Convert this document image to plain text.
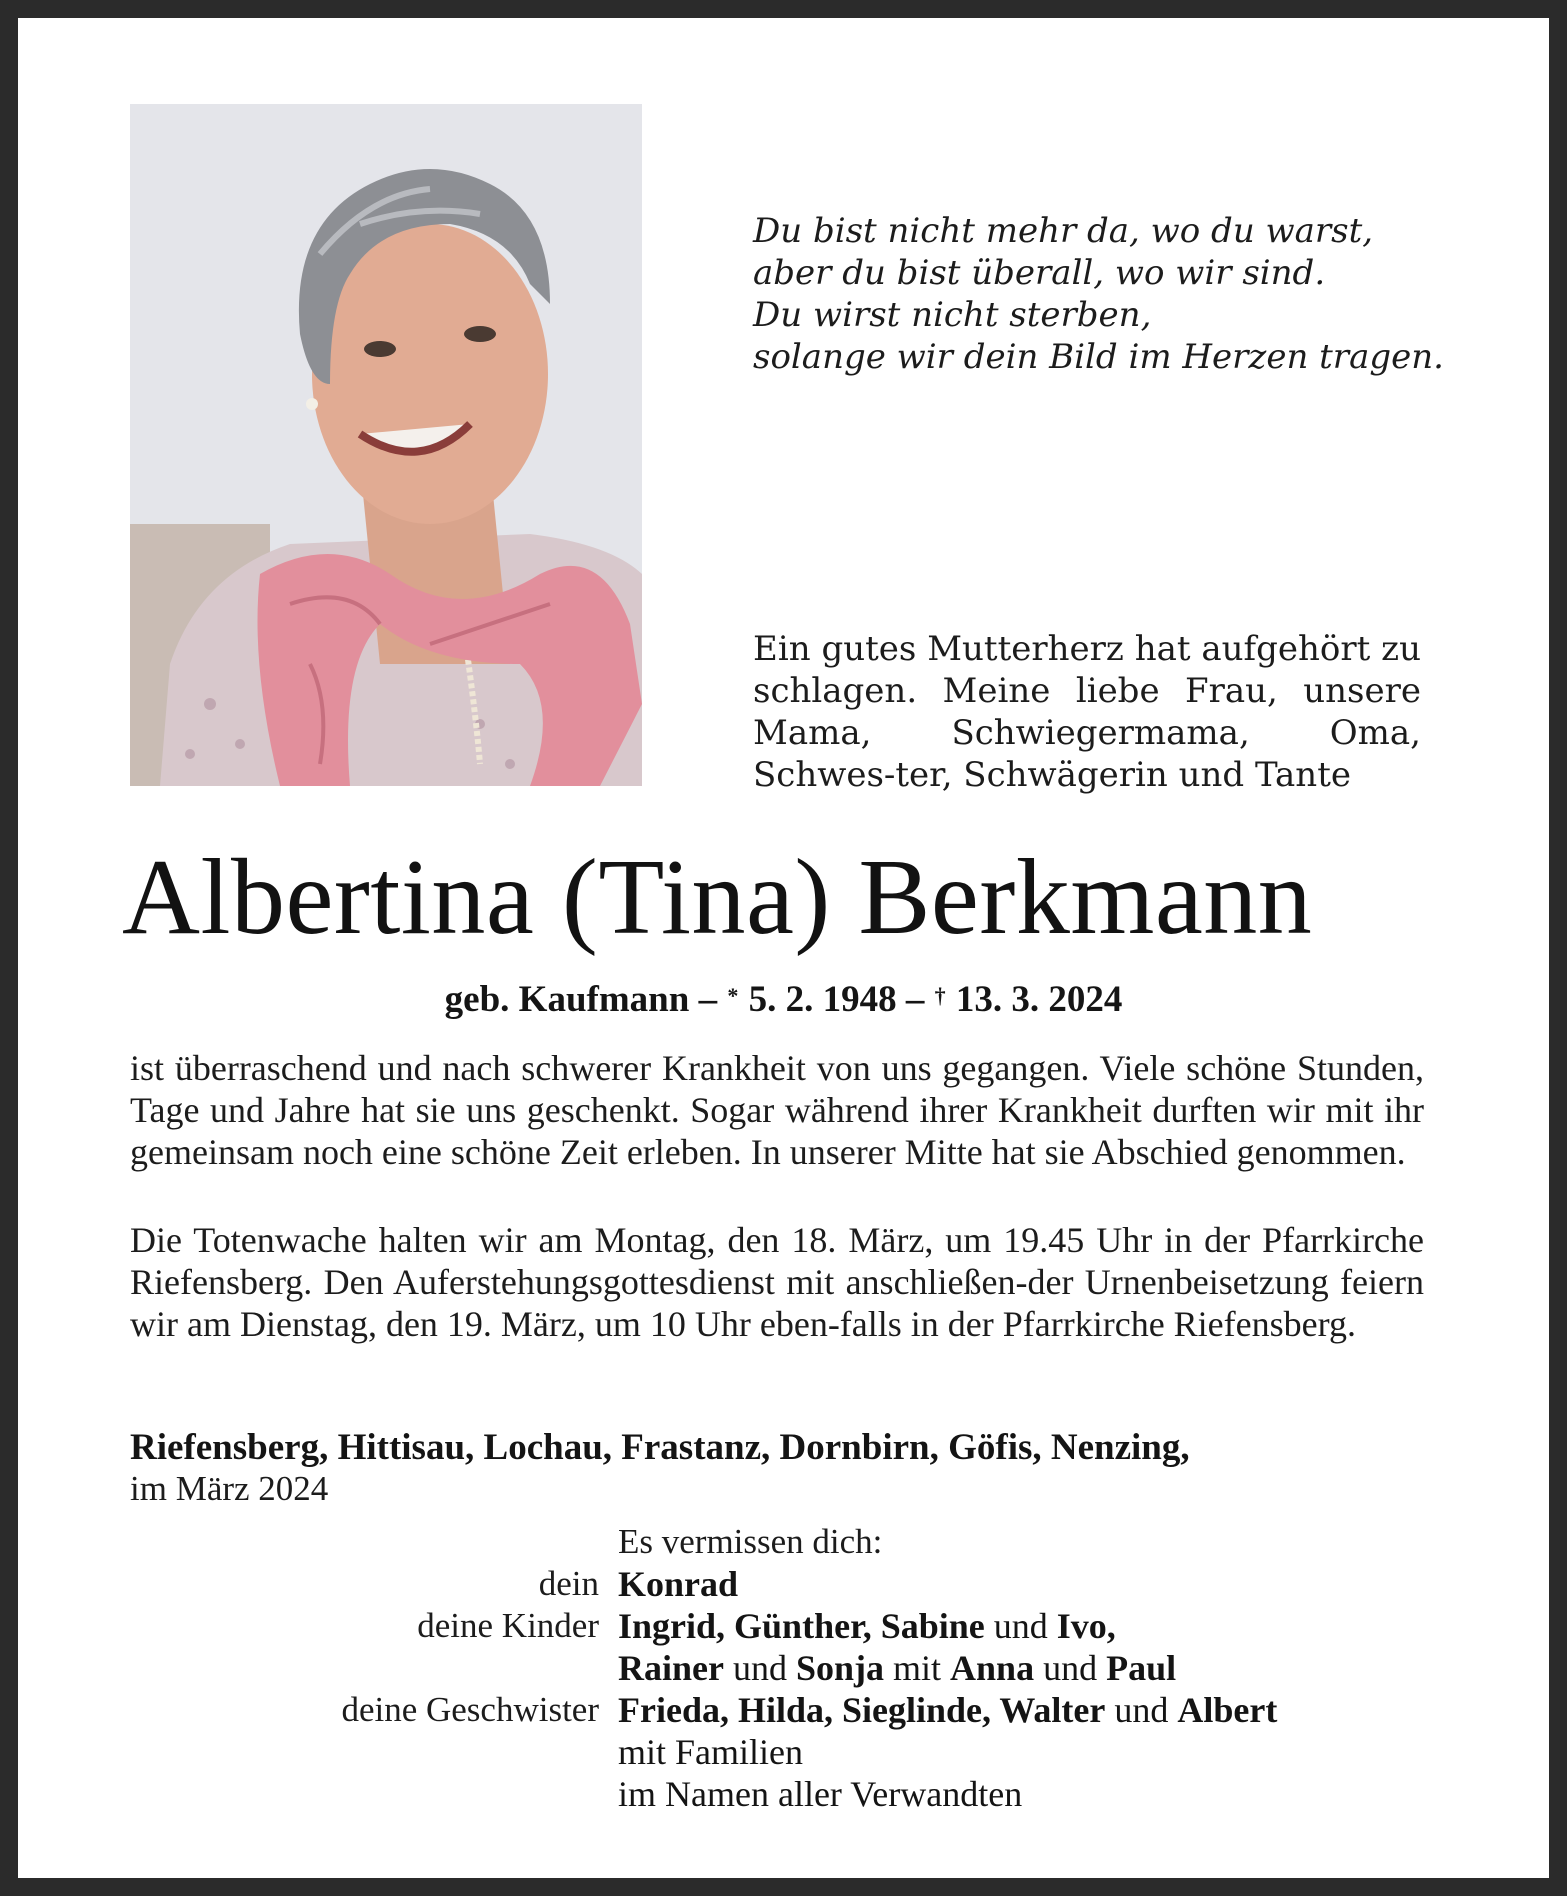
Du bist nicht mehr da, wo du warst,
aber du bist überall, wo wir sind.
Du wirst nicht sterben,
solange wir dein Bild im Herzen tragen.
Ein gutes Mutterherz hat aufgehört zu schlagen. Meine liebe Frau, unsere Mama, Schwiegermama, Oma, Schwes-ter, Schwägerin und Tante
Albertina (Tina) Berkmann
geb. Kaufmann – * 5. 2. 1948 – † 13. 3. 2024
ist überraschend und nach schwerer Krankheit von uns gegangen. Viele schöne Stunden, Tage und Jahre hat sie uns geschenkt. Sogar während ihrer Krankheit durften wir mit ihr gemeinsam noch eine schöne Zeit erleben. In unserer Mitte hat sie Abschied genommen.
Die Totenwache halten wir am Montag, den 18. März, um 19.45 Uhr in der Pfarrkirche Riefensberg. Den Auferstehungsgottesdienst mit anschließen-der Urnenbeisetzung feiern wir am Dienstag, den 19. März, um 10 Uhr eben-falls in der Pfarrkirche Riefensberg.
Riefensberg, Hittisau, Lochau, Frastanz, Dornbirn, Göfis, Nenzing,
im März 2024
Es vermissen dich:
dein Konrad
deine Kinder Ingrid, Günther, Sabine und Ivo,
Rainer und Sonja mit Anna und Paul
deine Geschwister Frieda, Hilda, Sieglinde, Walter und Albert
mit Familien
im Namen aller Verwandten
